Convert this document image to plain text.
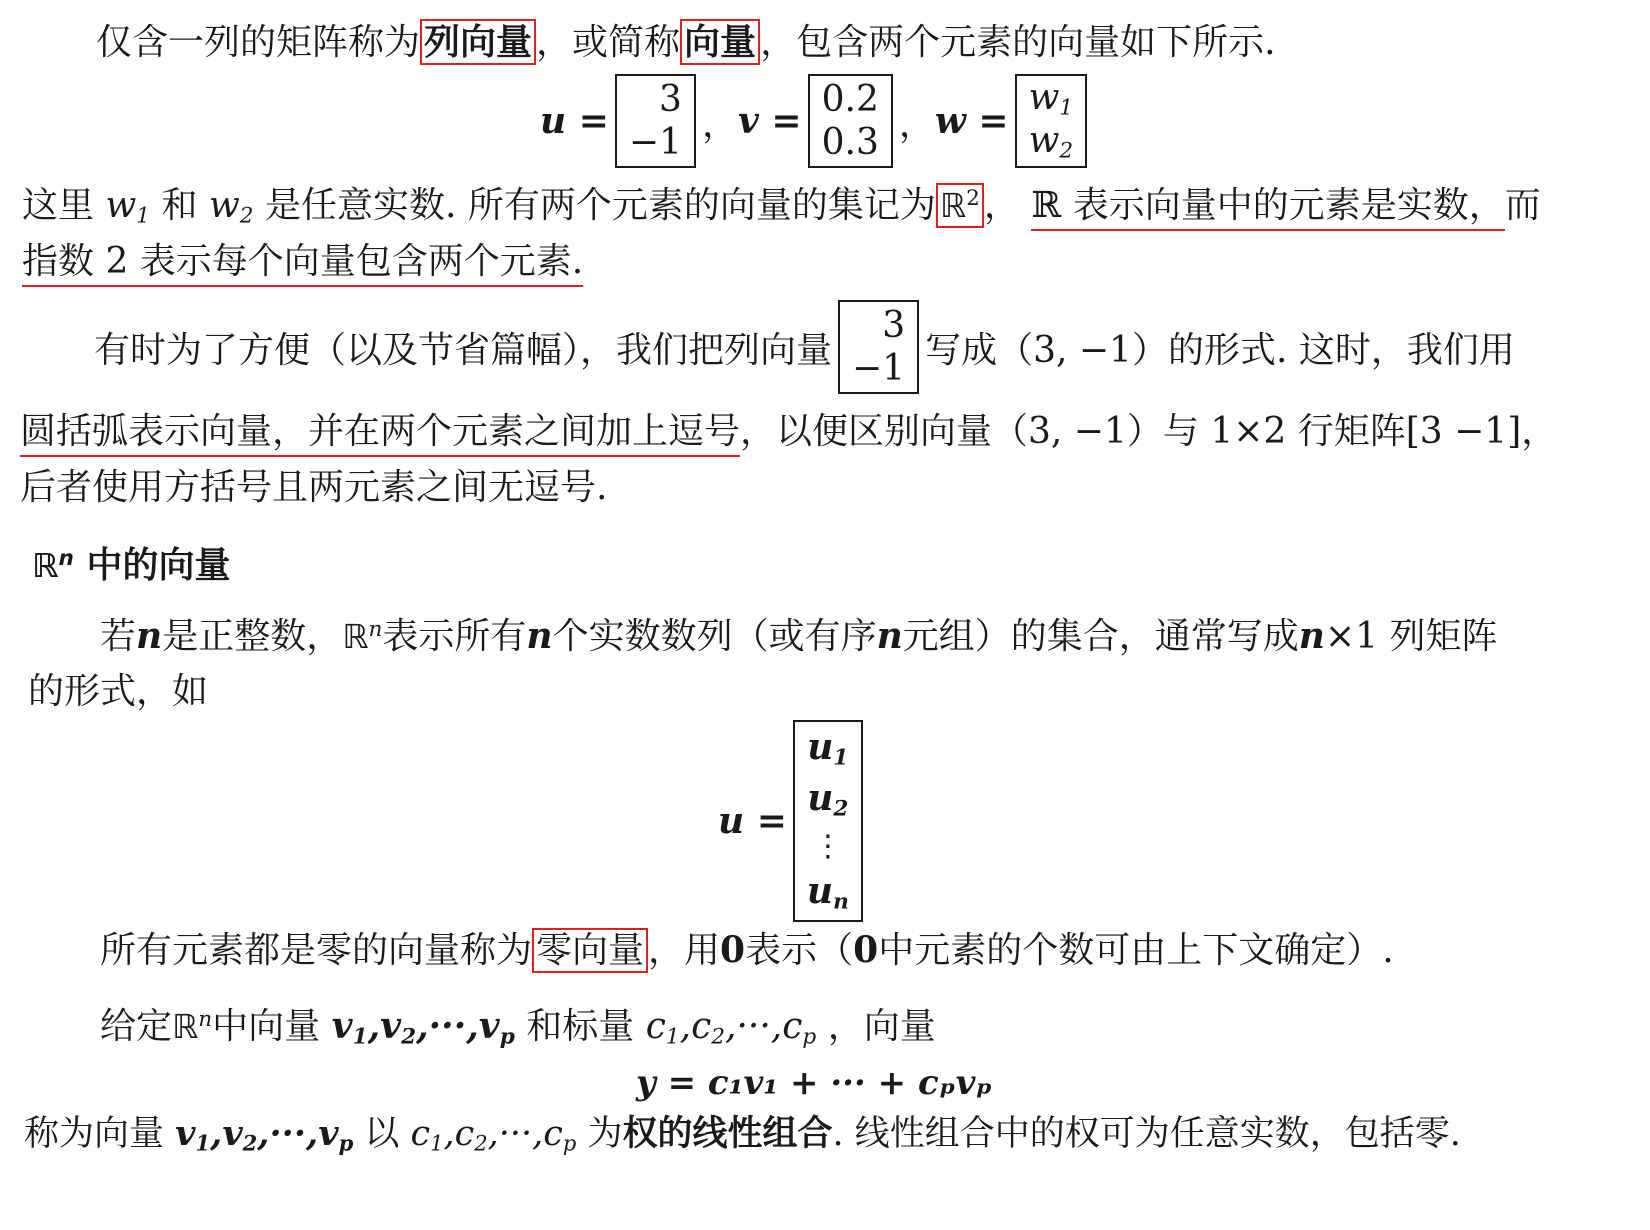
仅含一列的矩阵称为 列向量 ，或简称 向量 ，包含两个元素的向量如下所示.
u =
3
−1 ， v =
0.2
0.3 ， w =
$w_1$
$w_2$
这里 $w_1$ 和 $w_2$ 是任意实数. 所有两个元素的向量的集记为 ℝ$^2$ ， ℝ 表示向量中的元素是实数，而
指数 2 表示每个向量包含两个元素.
有时为了方便（以及节省篇幅），我们把列向量
3
−1 写成（3, −1）的形式. 这时，我们用
圆括弧表示向量，并在两个元素之间加上逗号，以便区别向量（3, −1）与 1×2 行矩阵[3 −1]，
后者使用方括号且两元素之间无逗号.
ℝ$^n$ 中的向量
若n是正整数，ℝ$^n$表示所有n个实数数列（或有序n元组）的集合，通常写成n×1 列矩阵
的形式，如
u =
$u_1$
$u_2$
⋮
$u_n$
所有元素都是零的向量称为 零向量 ，用0表示（0中元素的个数可由上下文确定）.
给定ℝ$^n$中向量 $v_1,v_2,\cdot\cdot\cdot,v_p$ 和标量 $c_1,c_2,\cdot\cdot\cdot,c_p$ ，向量
y = c₁v₁ + ··· + cₚvₚ
称为向量 $v_1,v_2,\cdot\cdot\cdot,v_p$ 以 $c_1,c_2,\cdot\cdot\cdot,c_p$ 为权的线性组合. 线性组合中的权可为任意实数，包括零.
